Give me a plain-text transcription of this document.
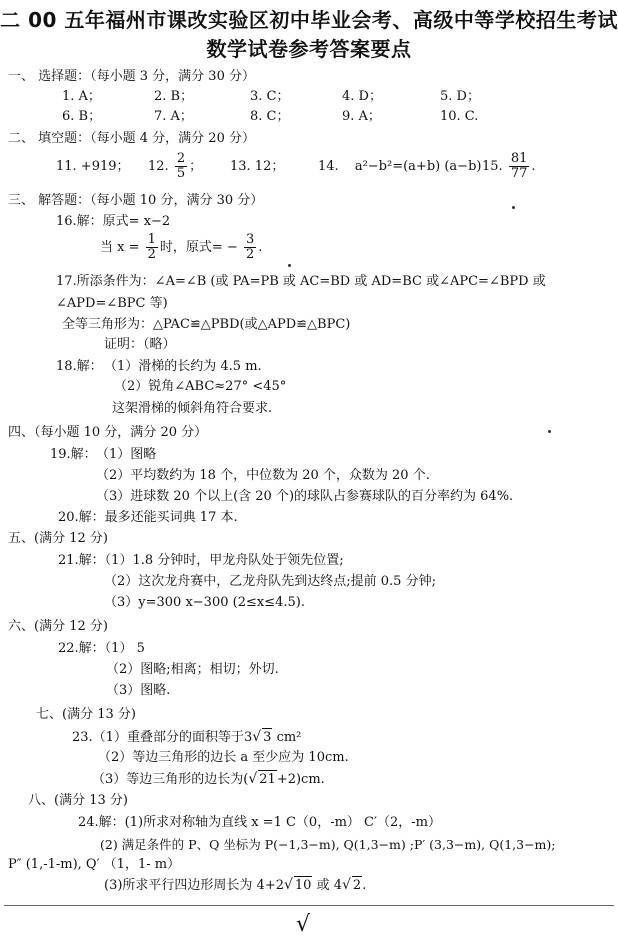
二 00 五年福州市课改实验区初中毕业会考、高级中等学校招生考试
数学试卷参考答案要点
一、 选择题：（每小题 3 分，满分 30 分）
1. A；	2. B；	3. C；	4. D；	5. D；
6. B；	7. A；	8. C；	9. A；	10. C.
二、 填空题：（每小题 4 分，满分 20 分）
11. +919； 12. $\frac{2}{5}$ ； 13. 12；	14. a²−b²=(a+b) (a−b) 15. $\frac{81}{77}$ .
三、 解答题：（每小题 10 分，满分 30 分）
16.解：原式= x−2
当 $x = \frac{1}{2}$ 时，原式= − $\frac{3}{2}$ .
17.所添条件为：∠A=∠B (或 PA=PB 或 AC=BD 或 AD=BC 或∠APC=∠BPD 或
∠APD=∠BPC 等)
全等三角形为：△PAC≌△PBD(或△APD≌△BPC)
证明：（略）
18.解： （1）滑梯的长约为 4.5 m.
（2）锐角∠ABC≈27° <45°
这架滑梯的倾斜角符合要求.
四、（每小题 10 分，满分 20 分）
19.解： （1）图略
（2）平均数约为 18 个，中位数为 20 个，众数为 20 个.
（3）进球数 20 个以上(含 20 个)的球队占参赛球队的百分率约为 64%.
20.解：最多还能买词典 17 本.
五、(满分 12 分)
21.解：（1）1.8 分钟时，甲龙舟队处于领先位置;
（2）这次龙舟赛中，乙龙舟队先到达终点;提前 0.5 分钟;
（3）y=300 x−300 (2≤x≤4.5).
六、(满分 12 分)
22.解：（1） 5
（2）图略;相离；相切；外切.
（3）图略.
七、(满分 13 分)
23.（1）重叠部分的面积等于3√ 3 cm²
（2）等边三角形的边长 a 至少应为 10cm.
（3）等边三角形的边长为(√ 21+2)cm.
八、(满分 13 分)
24.解：(1)所求对称轴为直线 x =1 C（0，-m） C′（2，-m）
(2) 满足条件的 P、Q 坐标为 P(−1,3−m), Q(1,3−m) ;P′ (3,3−m), Q(1,3−m);
P″ (1,-1-m), Q′ （1，1- m）
(3)所求平行四边形周长为 4+2√ 10 或 4√ 2.
√
